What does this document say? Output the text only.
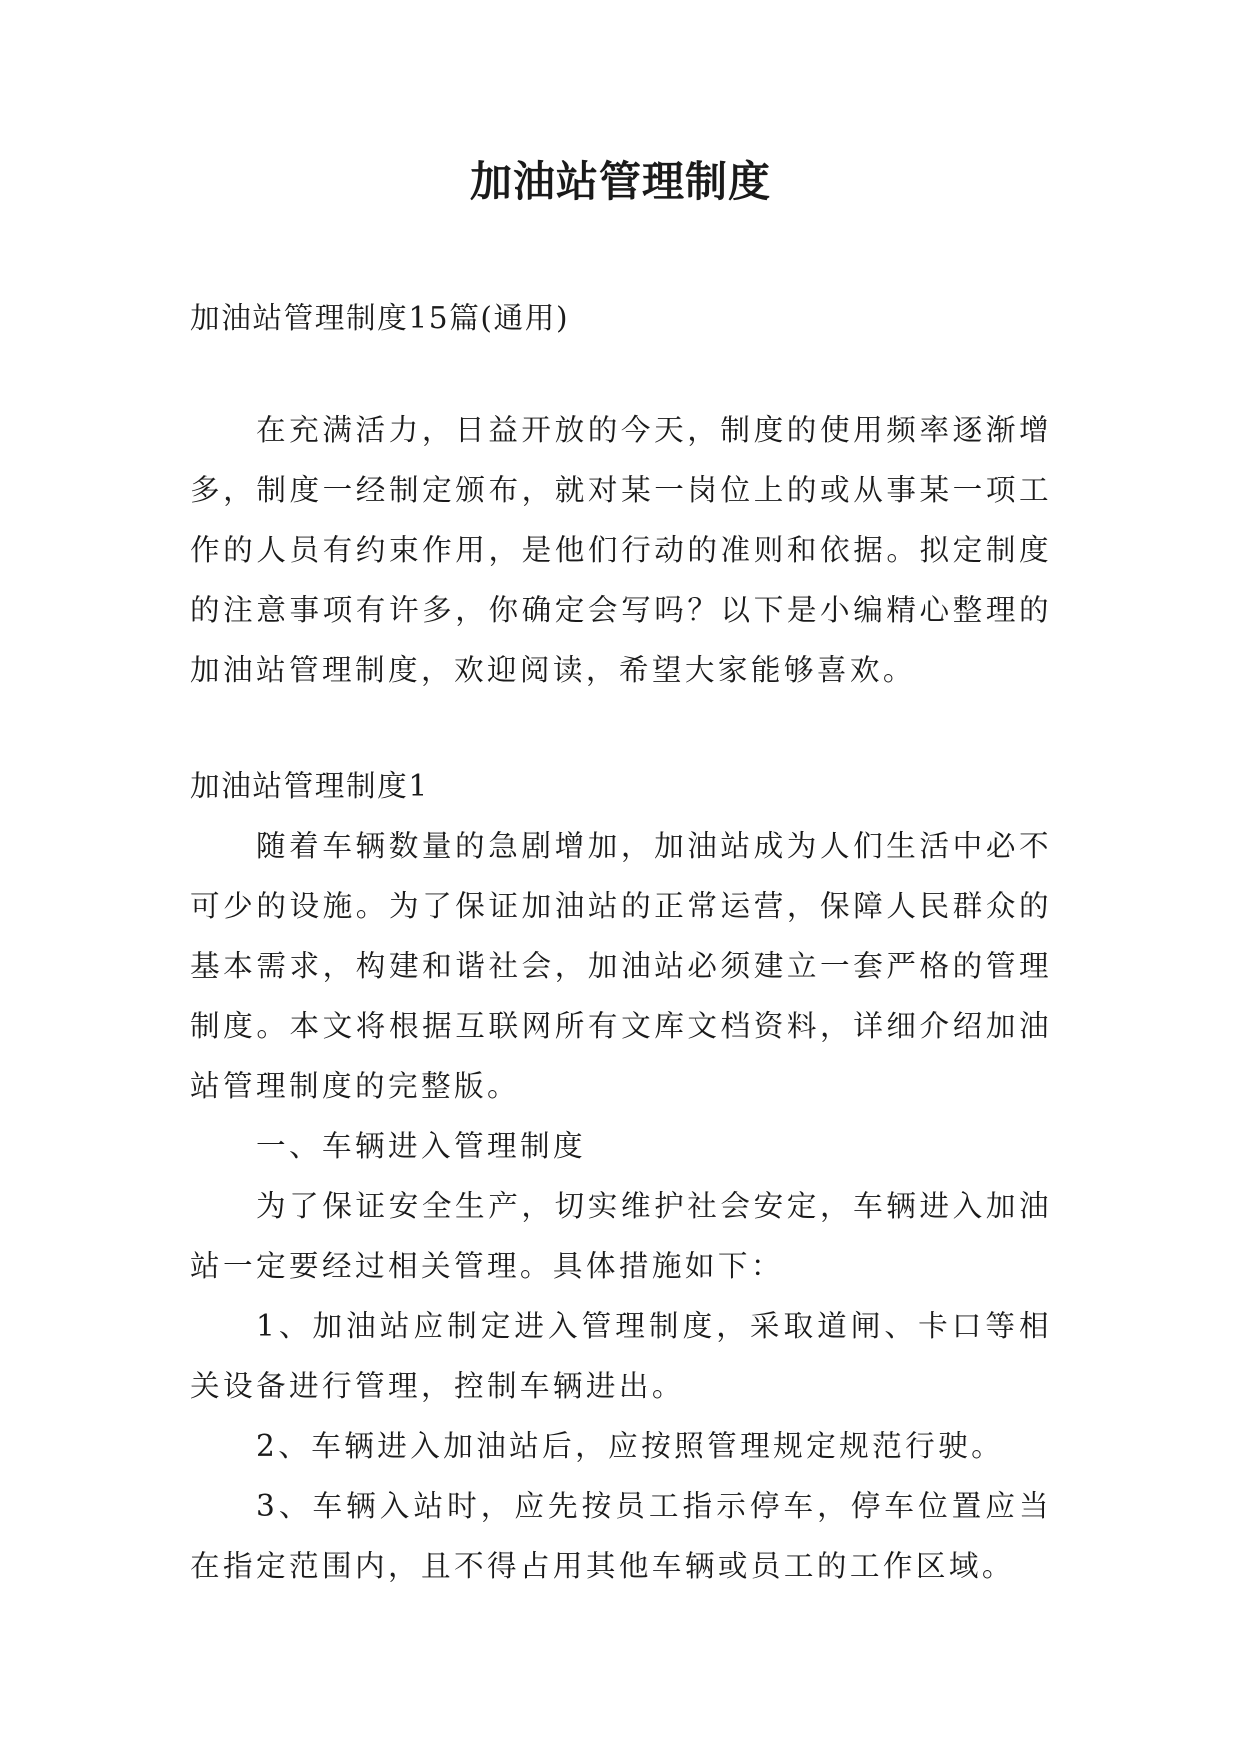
加油站管理制度
加油站管理制度15篇(通用)

在充满活力，日益开放的今天，制度的使用频率逐渐增多，制度一经制定颁布，就对某一岗位上的或从事某一项工作的人员有约束作用，是他们行动的准则和依据。拟定制度的注意事项有许多，你确定会写吗？以下是小编精心整理的加油站管理制度，欢迎阅读，希望大家能够喜欢。

加油站管理制度1

随着车辆数量的急剧增加，加油站成为人们生活中必不可少的设施。为了保证加油站的正常运营，保障人民群众的基本需求，构建和谐社会，加油站必须建立一套严格的管理制度。本文将根据互联网所有文库文档资料，详细介绍加油站管理制度的完整版。

一、车辆进入管理制度

为了保证安全生产，切实维护社会安定，车辆进入加油站一定要经过相关管理。具体措施如下：

1、加油站应制定进入管理制度，采取道闸、卡口等相关设备进行管理，控制车辆进出。

2、车辆进入加油站后，应按照管理规定规范行驶。

3、车辆入站时，应先按员工指示停车，停车位置应当在指定范围内，且不得占用其他车辆或员工的工作区域。
